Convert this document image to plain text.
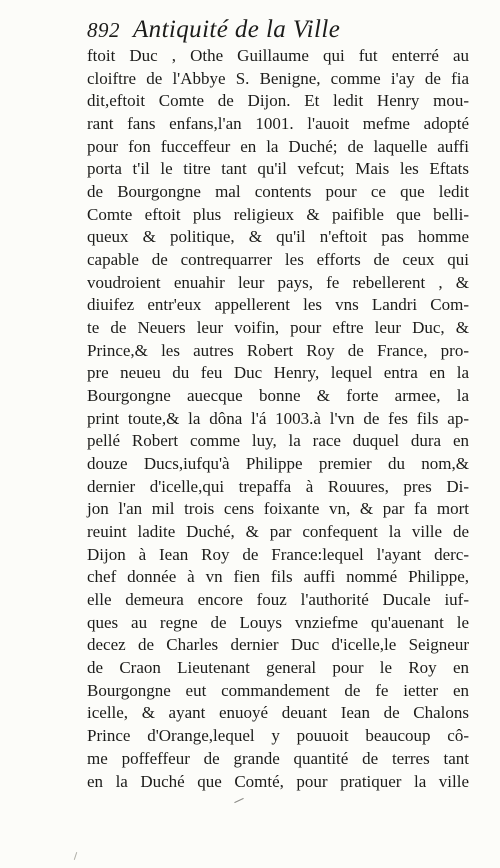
892 Antiquité de la Ville
ftoit Duc , Othe Guillaume qui fut enterré au
cloiftre de l'Abbye S. Benigne, comme i'ay de fia
dit,eftoit Comte de Dijon. Et ledit Henry mou-
rant fans enfans,l'an 1001. l'auoit mefme adopté
pour fon fucceffeur en la Duché; de laquelle auffi
porta t'il le titre tant qu'il vefcut; Mais les Eftats
de Bourgongne mal contents pour ce que ledit
Comte eftoit plus religieux & paifible que belli-
queux & politique, & qu'il n'eftoit pas homme
capable de contrequarrer les efforts de ceux qui
voudroient enuahir leur pays, fe rebellerent , &
diuifez entr'eux appellerent les vns Landri Com-
te de Neuers leur voifin, pour eftre leur Duc, &
Prince,& les autres Robert Roy de France, pro-
pre neueu du feu Duc Henry, lequel entra en la
Bourgongne auecque bonne & forte armee, la
print toute,& la dôna l'á 1003.à l'vn de fes fils ap-
pellé Robert comme luy, la race duquel dura en
douze Ducs,iufqu'à Philippe premier du nom,&
dernier d'icelle,qui trepaffa à Rouures, pres Di-
jon l'an mil trois cens foixante vn, & par fa mort
reuint ladite Duché, & par confequent la ville de
Dijon à Iean Roy de France:lequel l'ayant derc-
chef donnée à vn fien fils auffi nommé Philippe,
elle demeura encore fouz l'authorité Ducale iuf-
ques au regne de Louys vnziefme qu'auenant le
decez de Charles dernier Duc d'icelle,le Seigneur
de Craon Lieutenant general pour le Roy en
Bourgongne eut commandement de fe ietter en
icelle, & ayant enuoyé deuant Iean de Chalons
Prince d'Orange,lequel y pouuoit beaucoup cô-
me poffeffeur de grande quantité de terres tant
en la Duché que Comté, pour pratiquer la ville
